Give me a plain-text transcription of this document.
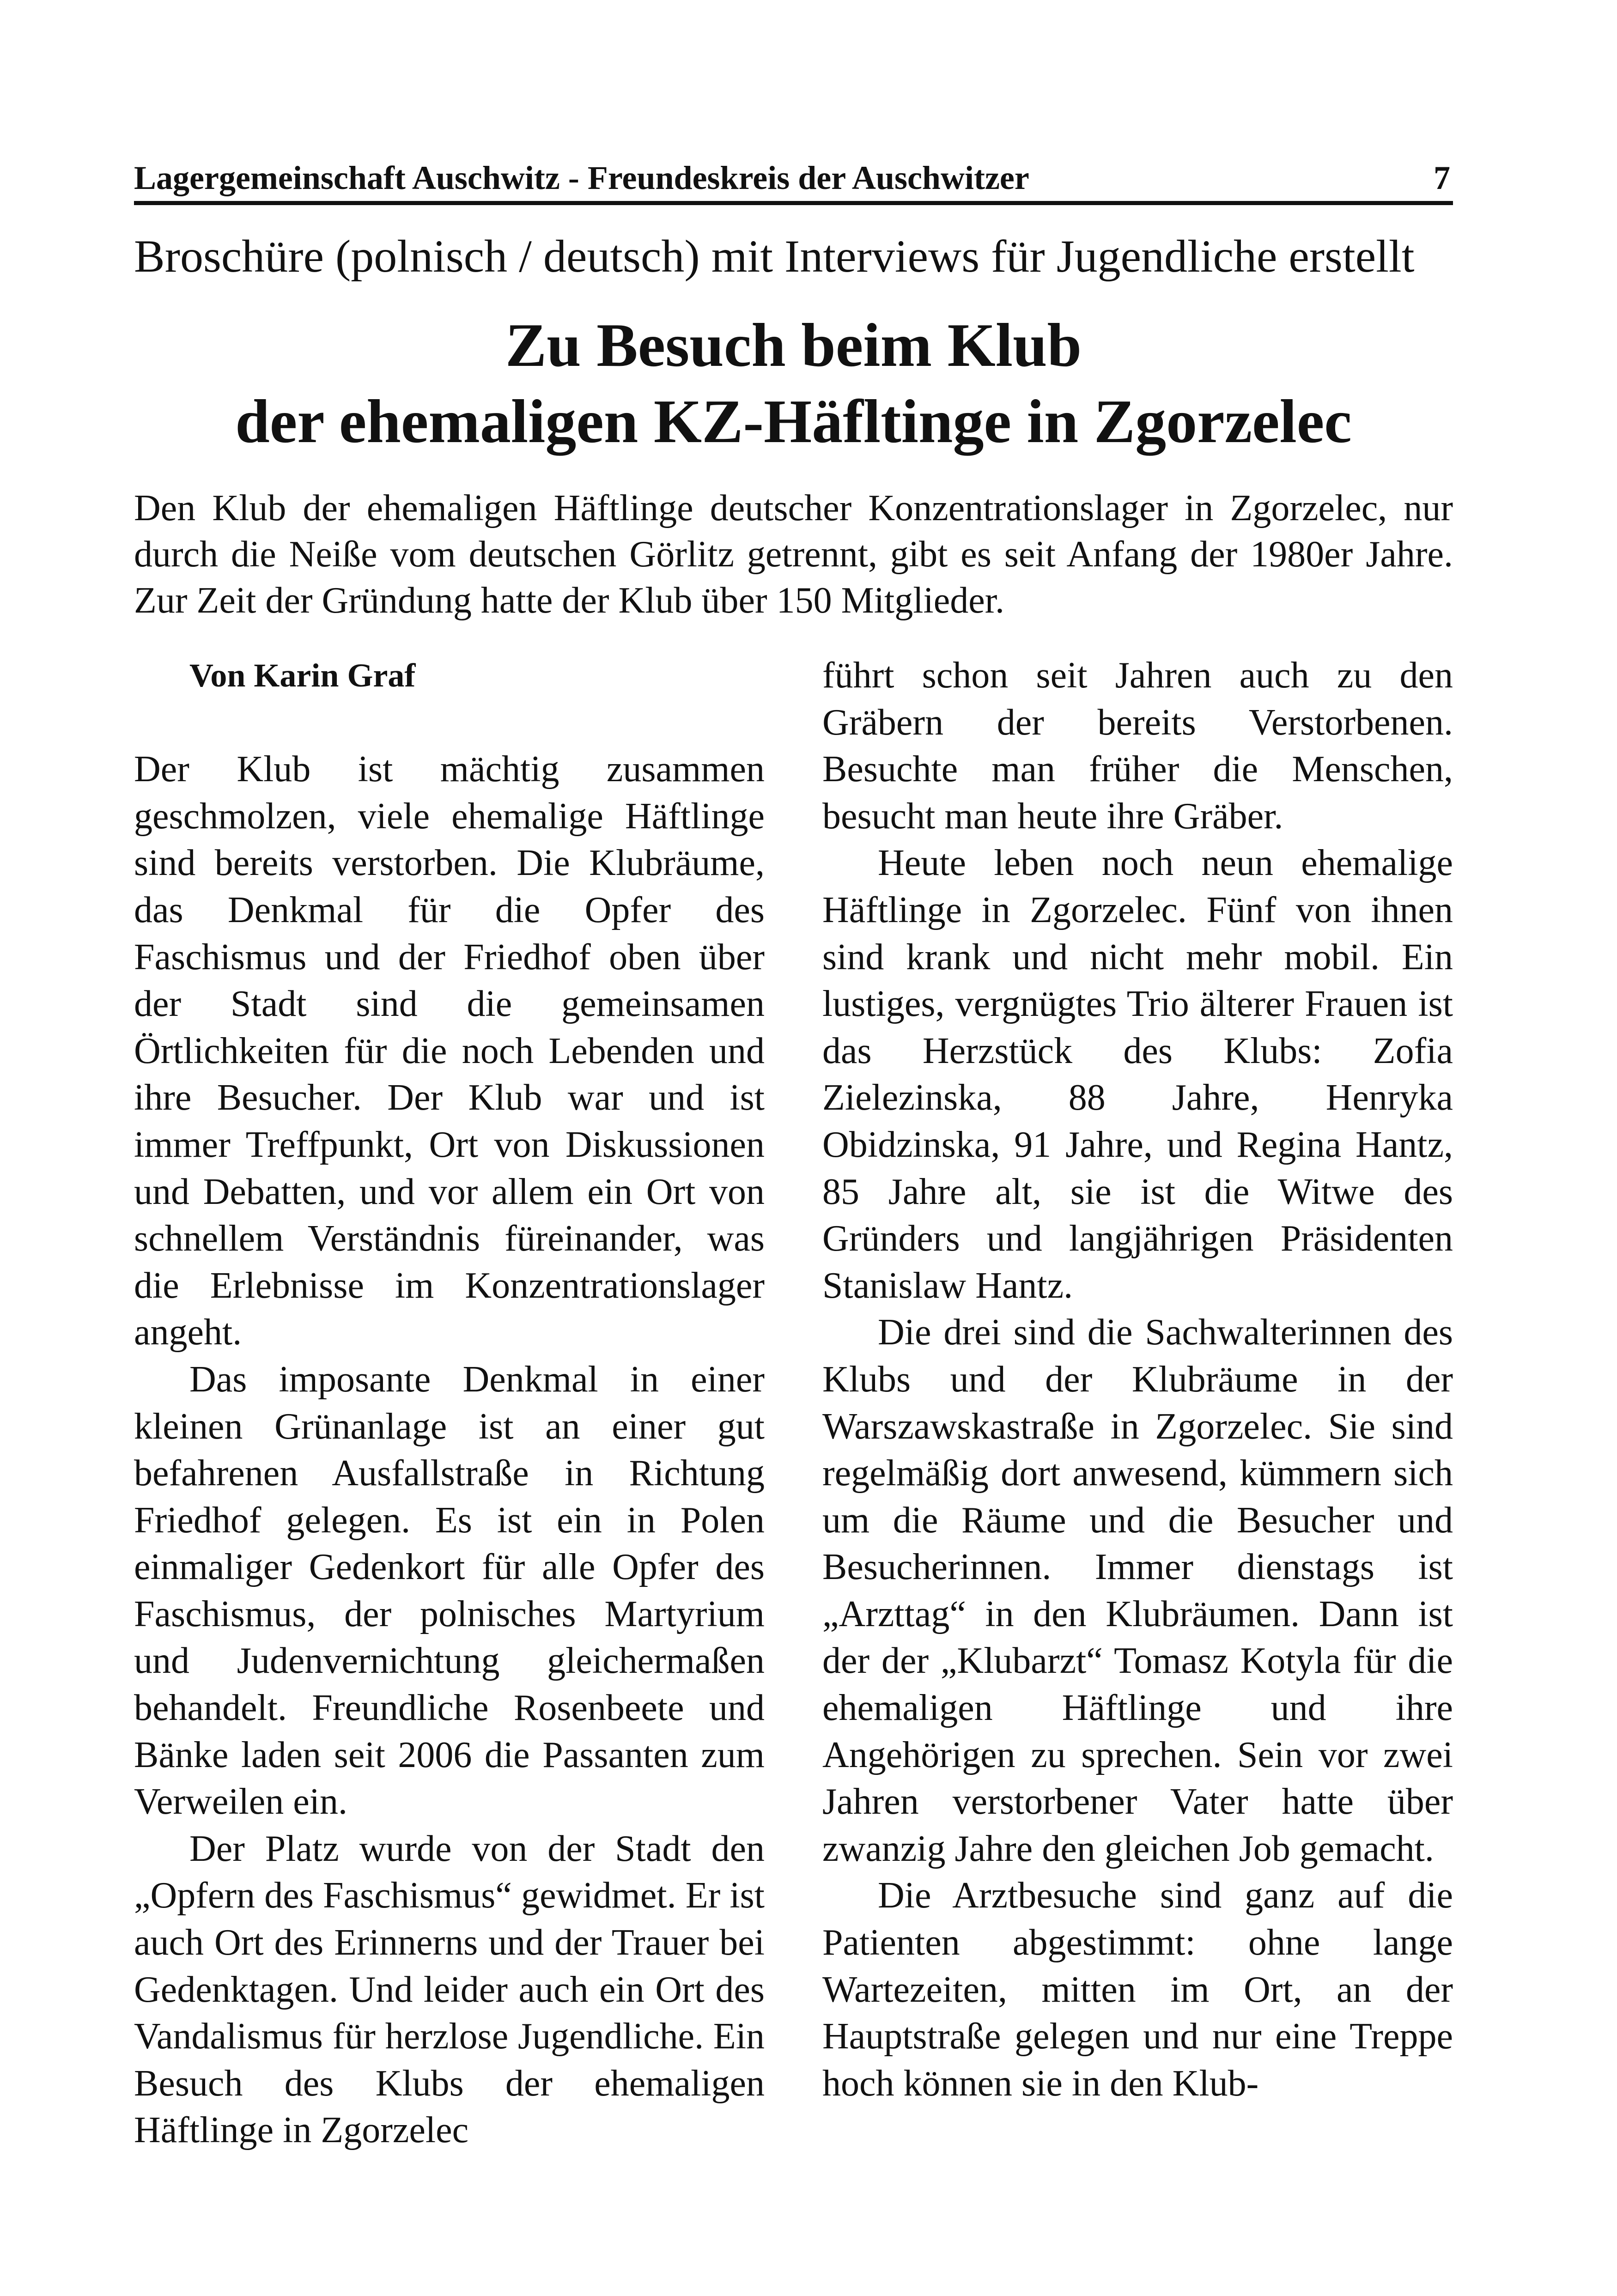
Lagergemeinschaft Auschwitz - Freundeskreis der Auschwitzer	7
Broschüre (polnisch / deutsch) mit Interviews für Jugendliche erstellt
Zu Besuch beim Klub
der ehemaligen KZ-Häfltinge in Zgorzelec
Den Klub der ehemaligen Häftlinge deutscher Konzentrationslager in Zgorzelec, nur durch die Neiße vom deutschen Görlitz getrennt, gibt es seit Anfang der 1980er Jahre. Zur Zeit der Gründung hatte der Klub über 150 Mitglieder.
Von Karin Graf

Der Klub ist mächtig zusammen geschmolzen, viele ehemalige Häftlinge sind bereits verstorben. Die Klubräume, das Denkmal für die Opfer des Faschismus und der Friedhof oben über der Stadt sind die gemeinsamen Örtlichkeiten für die noch Lebenden und ihre Besucher. Der Klub war und ist immer Treffpunkt, Ort von Diskussionen und Debatten, und vor allem ein Ort von schnellem Verständnis füreinander, was die Erlebnisse im Konzentrationslager angeht.

Das imposante Denkmal in einer kleinen Grünanlage ist an einer gut befahrenen Ausfallstraße in Richtung Friedhof gelegen. Es ist ein in Polen einmaliger Gedenkort für alle Opfer des Faschismus, der polnisches Martyrium und Judenvernichtung gleichermaßen behandelt. Freundliche Rosenbeete und Bänke laden seit 2006 die Passanten zum Verweilen ein.

Der Platz wurde von der Stadt den „Opfern des Faschismus“ gewidmet. Er ist auch Ort des Erinnerns und der Trauer bei Gedenktagen. Und leider auch ein Ort des Vandalismus für herzlose Jugendliche. Ein Besuch des Klubs der ehemaligen Häftlinge in Zgorzelec

führt schon seit Jahren auch zu den Gräbern der bereits Verstorbenen. Besuchte man früher die Menschen, besucht man heute ihre Gräber.

Heute leben noch neun ehemalige Häftlinge in Zgorzelec. Fünf von ihnen sind krank und nicht mehr mobil. Ein lustiges, vergnügtes Trio älterer Frauen ist das Herzstück des Klubs: Zofia Zielezinska, 88 Jahre, Henryka Obidzinska, 91 Jahre, und Regina Hantz, 85 Jahre alt, sie ist die Witwe des Gründers und langjährigen Präsidenten Stanislaw Hantz.

Die drei sind die Sachwalterinnen des Klubs und der Klubräume in der Warszawskastraße in Zgorzelec. Sie sind regelmäßig dort anwesend, kümmern sich um die Räume und die Besucher und Besucherinnen. Immer dienstags ist „Arzttag“ in den Klubräumen. Dann ist der der „Klubarzt“ Tomasz Kotyla für die ehemaligen Häftlinge und ihre Angehörigen zu sprechen. Sein vor zwei Jahren verstorbener Vater hatte über zwanzig Jahre den gleichen Job gemacht.

Die Arztbesuche sind ganz auf die Patienten abgestimmt: ohne lange Wartezeiten, mitten im Ort, an der Hauptstraße gelegen und nur eine Treppe hoch können sie in den Klub-
